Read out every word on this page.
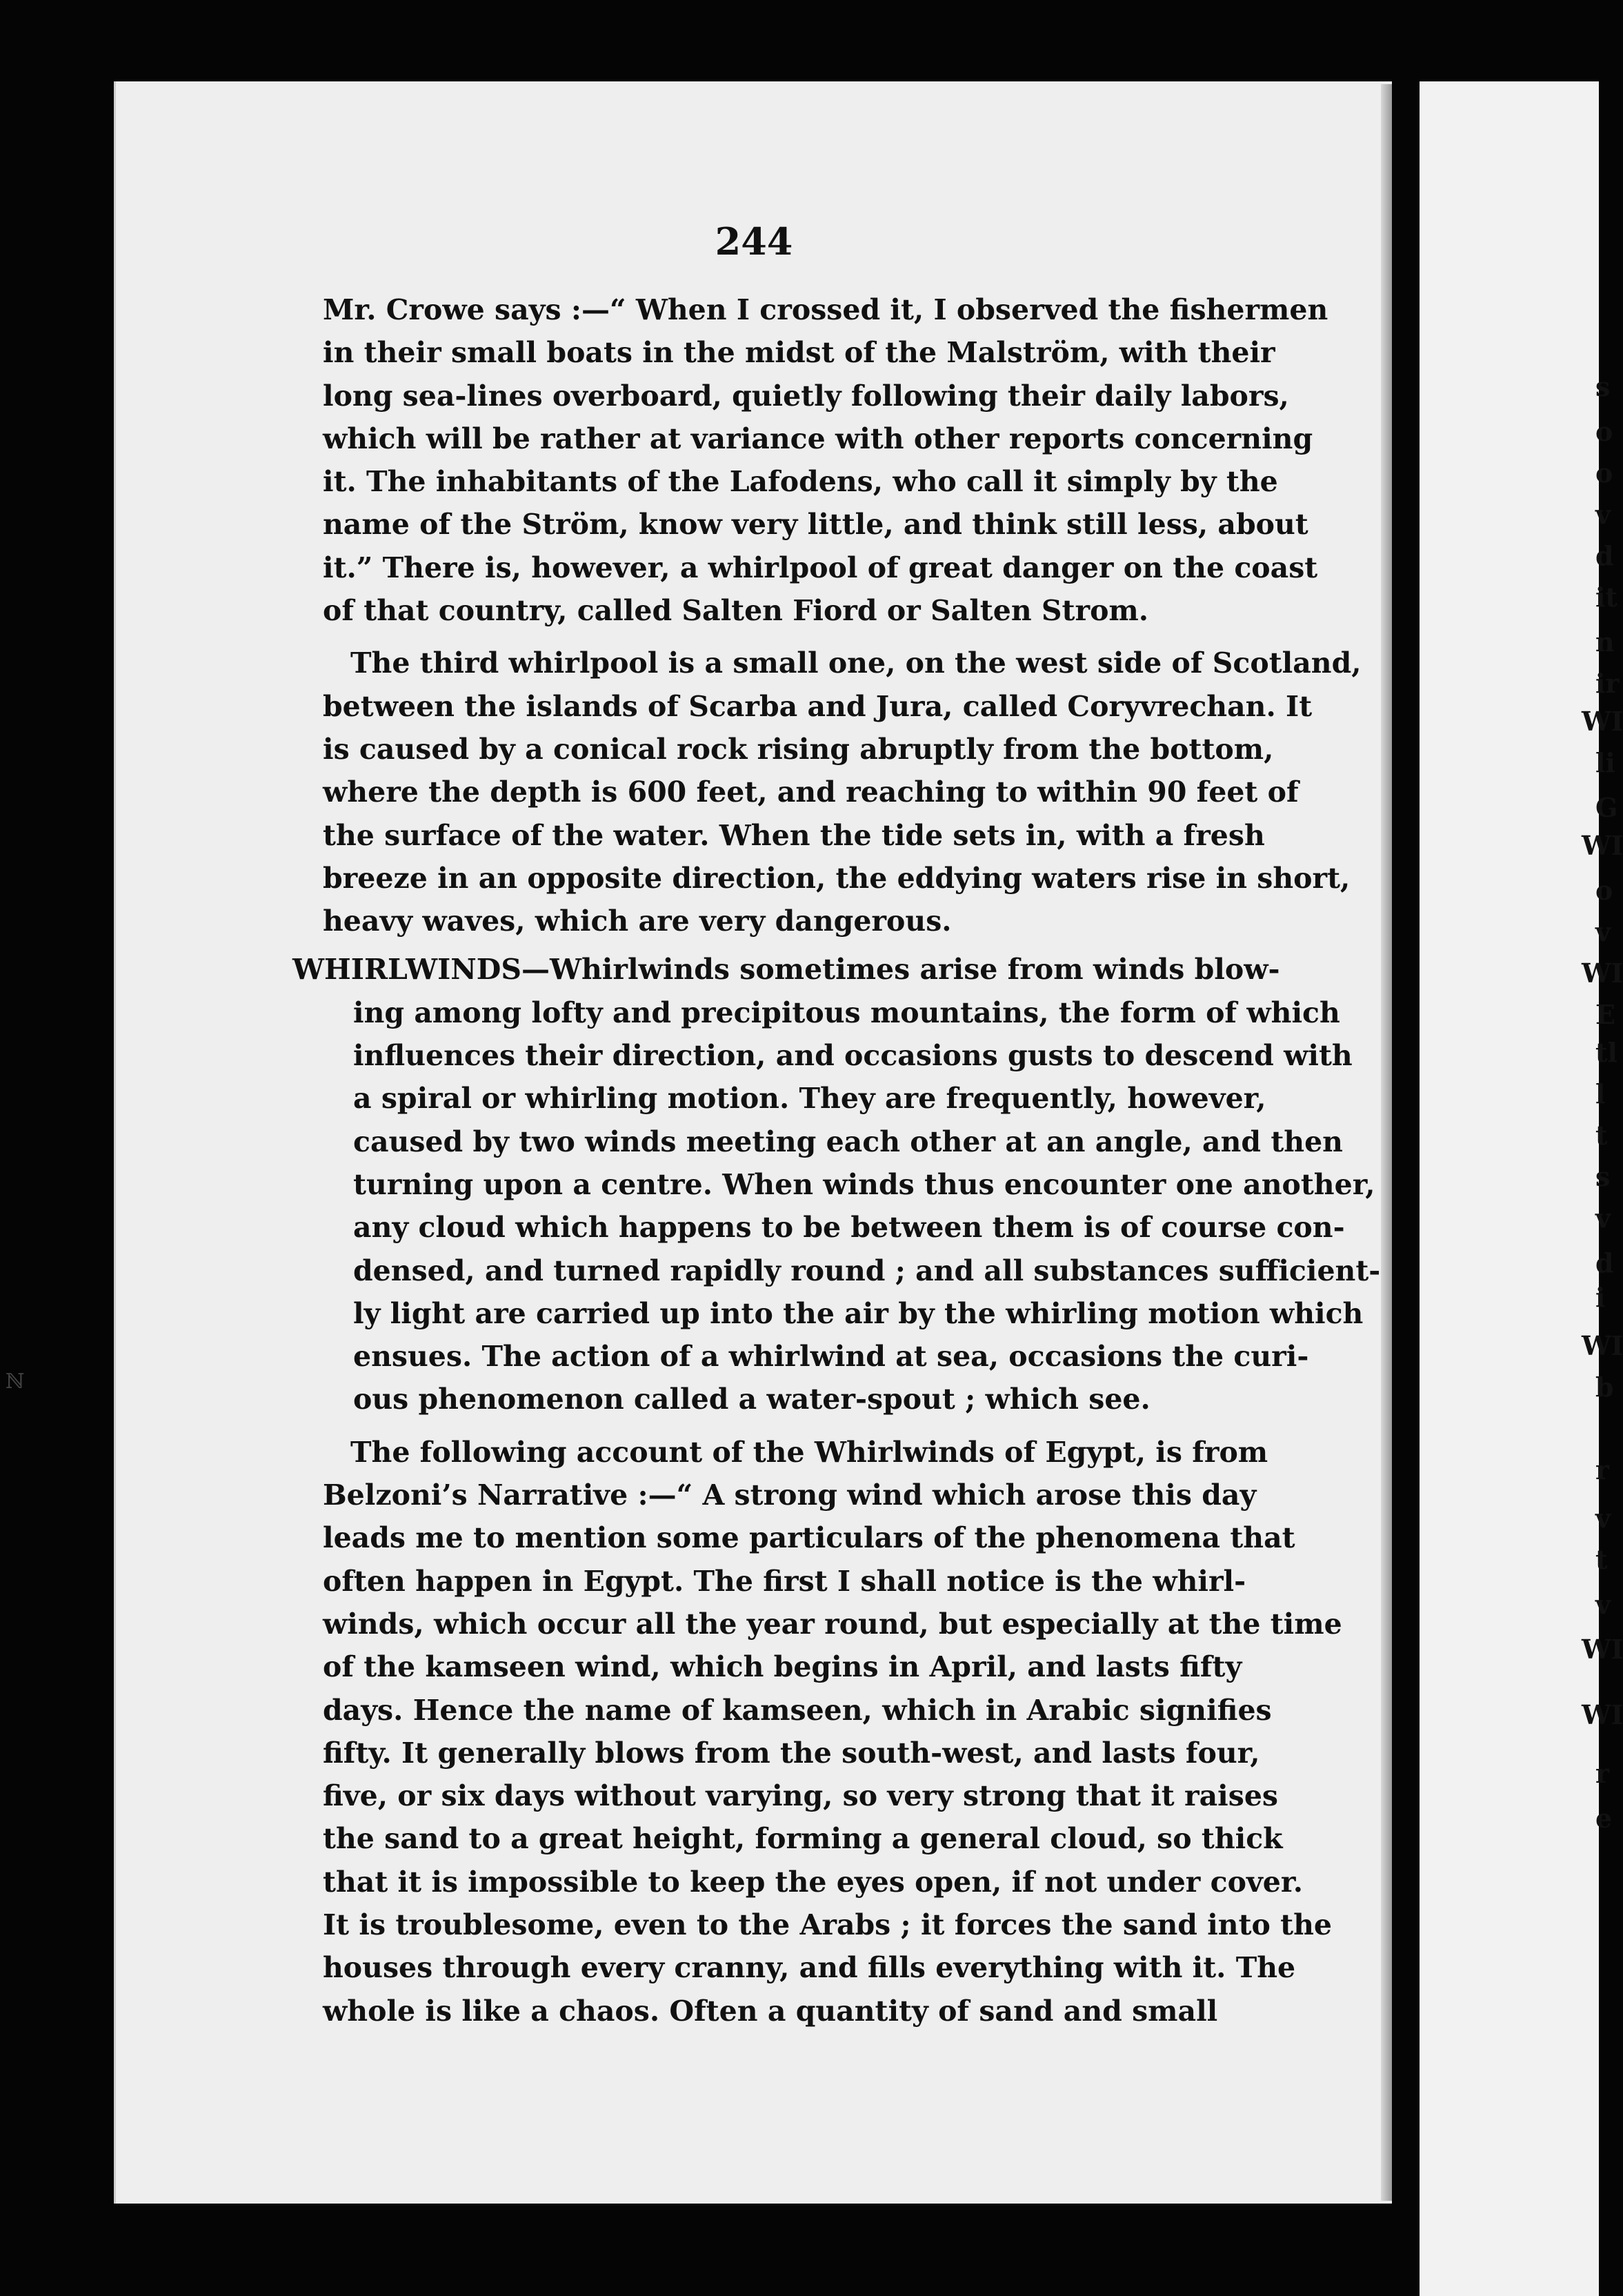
244
Mr. Crowe says :—“ When I crossed it, I observed the fishermen
in their small boats in the midst of the Malström, with their
long sea-lines overboard, quietly following their daily labors,
which will be rather at variance with other reports concerning
it. The inhabitants of the Lafodens, who call it simply by the
name of the Ström, know very little, and think still less, about
it.” There is, however, a whirlpool of great danger on the coast
of that country, called Salten Fiord or Salten Strom.
The third whirlpool is a small one, on the west side of Scotland,
between the islands of Scarba and Jura, called Coryvrechan. It
is caused by a conical rock rising abruptly from the bottom,
where the depth is 600 feet, and reaching to within 90 feet of
the surface of the water. When the tide sets in, with a fresh
breeze in an opposite direction, the eddying waters rise in short,
heavy waves, which are very dangerous.
WHIRLWINDS—Whirlwinds sometimes arise from winds blow-
ing among lofty and precipitous mountains, the form of which
influences their direction, and occasions gusts to descend with
a spiral or whirling motion. They are frequently, however,
caused by two winds meeting each other at an angle, and then
turning upon a centre. When winds thus encounter one another,
any cloud which happens to be between them is of course con-
densed, and turned rapidly round ; and all substances sufficient-
ly light are carried up into the air by the whirling motion which
ensues. The action of a whirlwind at sea, occasions the curi-
ous phenomenon called a water-spout ; which see.
The following account of the Whirlwinds of Egypt, is from
Belzoni’s Narrative :—“ A strong wind which arose this day
leads me to mention some particulars of the phenomena that
often happen in Egypt. The first I shall notice is the whirl-
winds, which occur all the year round, but especially at the time
of the kamseen wind, which begins in April, and lasts fifty
days. Hence the name of kamseen, which in Arabic signifies
fifty. It generally blows from the south-west, and lasts four,
five, or six days without varying, so very strong that it raises
the sand to a great height, forming a general cloud, so thick
that it is impossible to keep the eyes open, if not under cover.
It is troublesome, even to the Arabs ; it forces the sand into the
houses through every cranny, and fills everything with it. The
whole is like a chaos. Often a quantity of sand and small
s
o
o
v
d
it
n
ir
WI
li
G
WI
o
v
WI
E
tl
l
t
s
v
d
i
WI
b
r
v
t
v
WI
WI
r
e
ℕ
